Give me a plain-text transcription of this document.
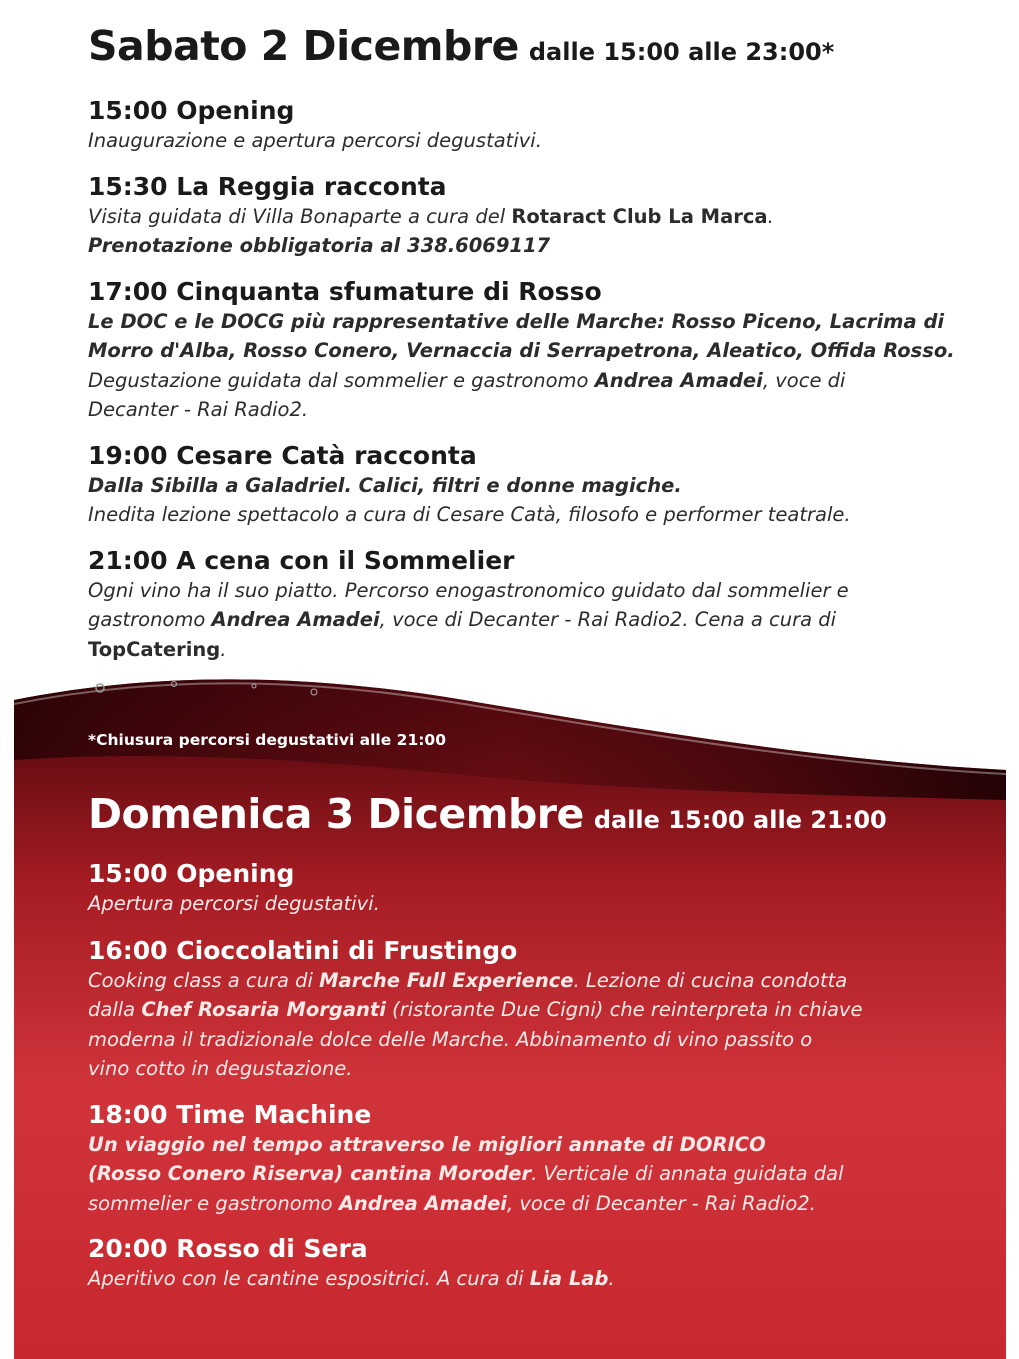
Sabato 2 Dicembre dalle 15:00 alle 23:00*
15:00 Opening

Inaugurazione e apertura percorsi degustativi.

15:30 La Reggia racconta

Visita guidata di Villa Bonaparte a cura del Rotaract Club La Marca.

Prenotazione obbligatoria al 338.6069117

17:00 Cinquanta sfumature di Rosso

Le DOC e le DOCG più rappresentative delle Marche: Rosso Piceno, Lacrima di

Morro d'Alba, Rosso Conero, Vernaccia di Serrapetrona, Aleatico, Offida Rosso.

Degustazione guidata dal sommelier e gastronomo Andrea Amadei, voce di

Decanter - Rai Radio2.

19:00 Cesare Catà racconta

Dalla Sibilla a Galadriel. Calici, filtri e donne magiche.

Inedita lezione spettacolo a cura di Cesare Catà, filosofo e performer teatrale.

21:00 A cena con il Sommelier

Ogni vino ha il suo piatto. Percorso enogastronomico guidato dal sommelier e

gastronomo Andrea Amadei, voce di Decanter - Rai Radio2. Cena a cura di

TopCatering.

*Chiusura percorsi degustativi alle 21:00
Domenica 3 Dicembre dalle 15:00 alle 21:00
15:00 Opening

Apertura percorsi degustativi.

16:00 Cioccolatini di Frustingo

Cooking class a cura di Marche Full Experience. Lezione di cucina condotta

dalla Chef Rosaria Morganti (ristorante Due Cigni) che reinterpreta in chiave

moderna il tradizionale dolce delle Marche. Abbinamento di vino passito o

vino cotto in degustazione.

18:00 Time Machine

Un viaggio nel tempo attraverso le migliori annate di DORICO

(Rosso Conero Riserva) cantina Moroder. Verticale di annata guidata dal

sommelier e gastronomo Andrea Amadei, voce di Decanter - Rai Radio2.

20:00 Rosso di Sera

Aperitivo con le cantine espositrici. A cura di Lia Lab.
